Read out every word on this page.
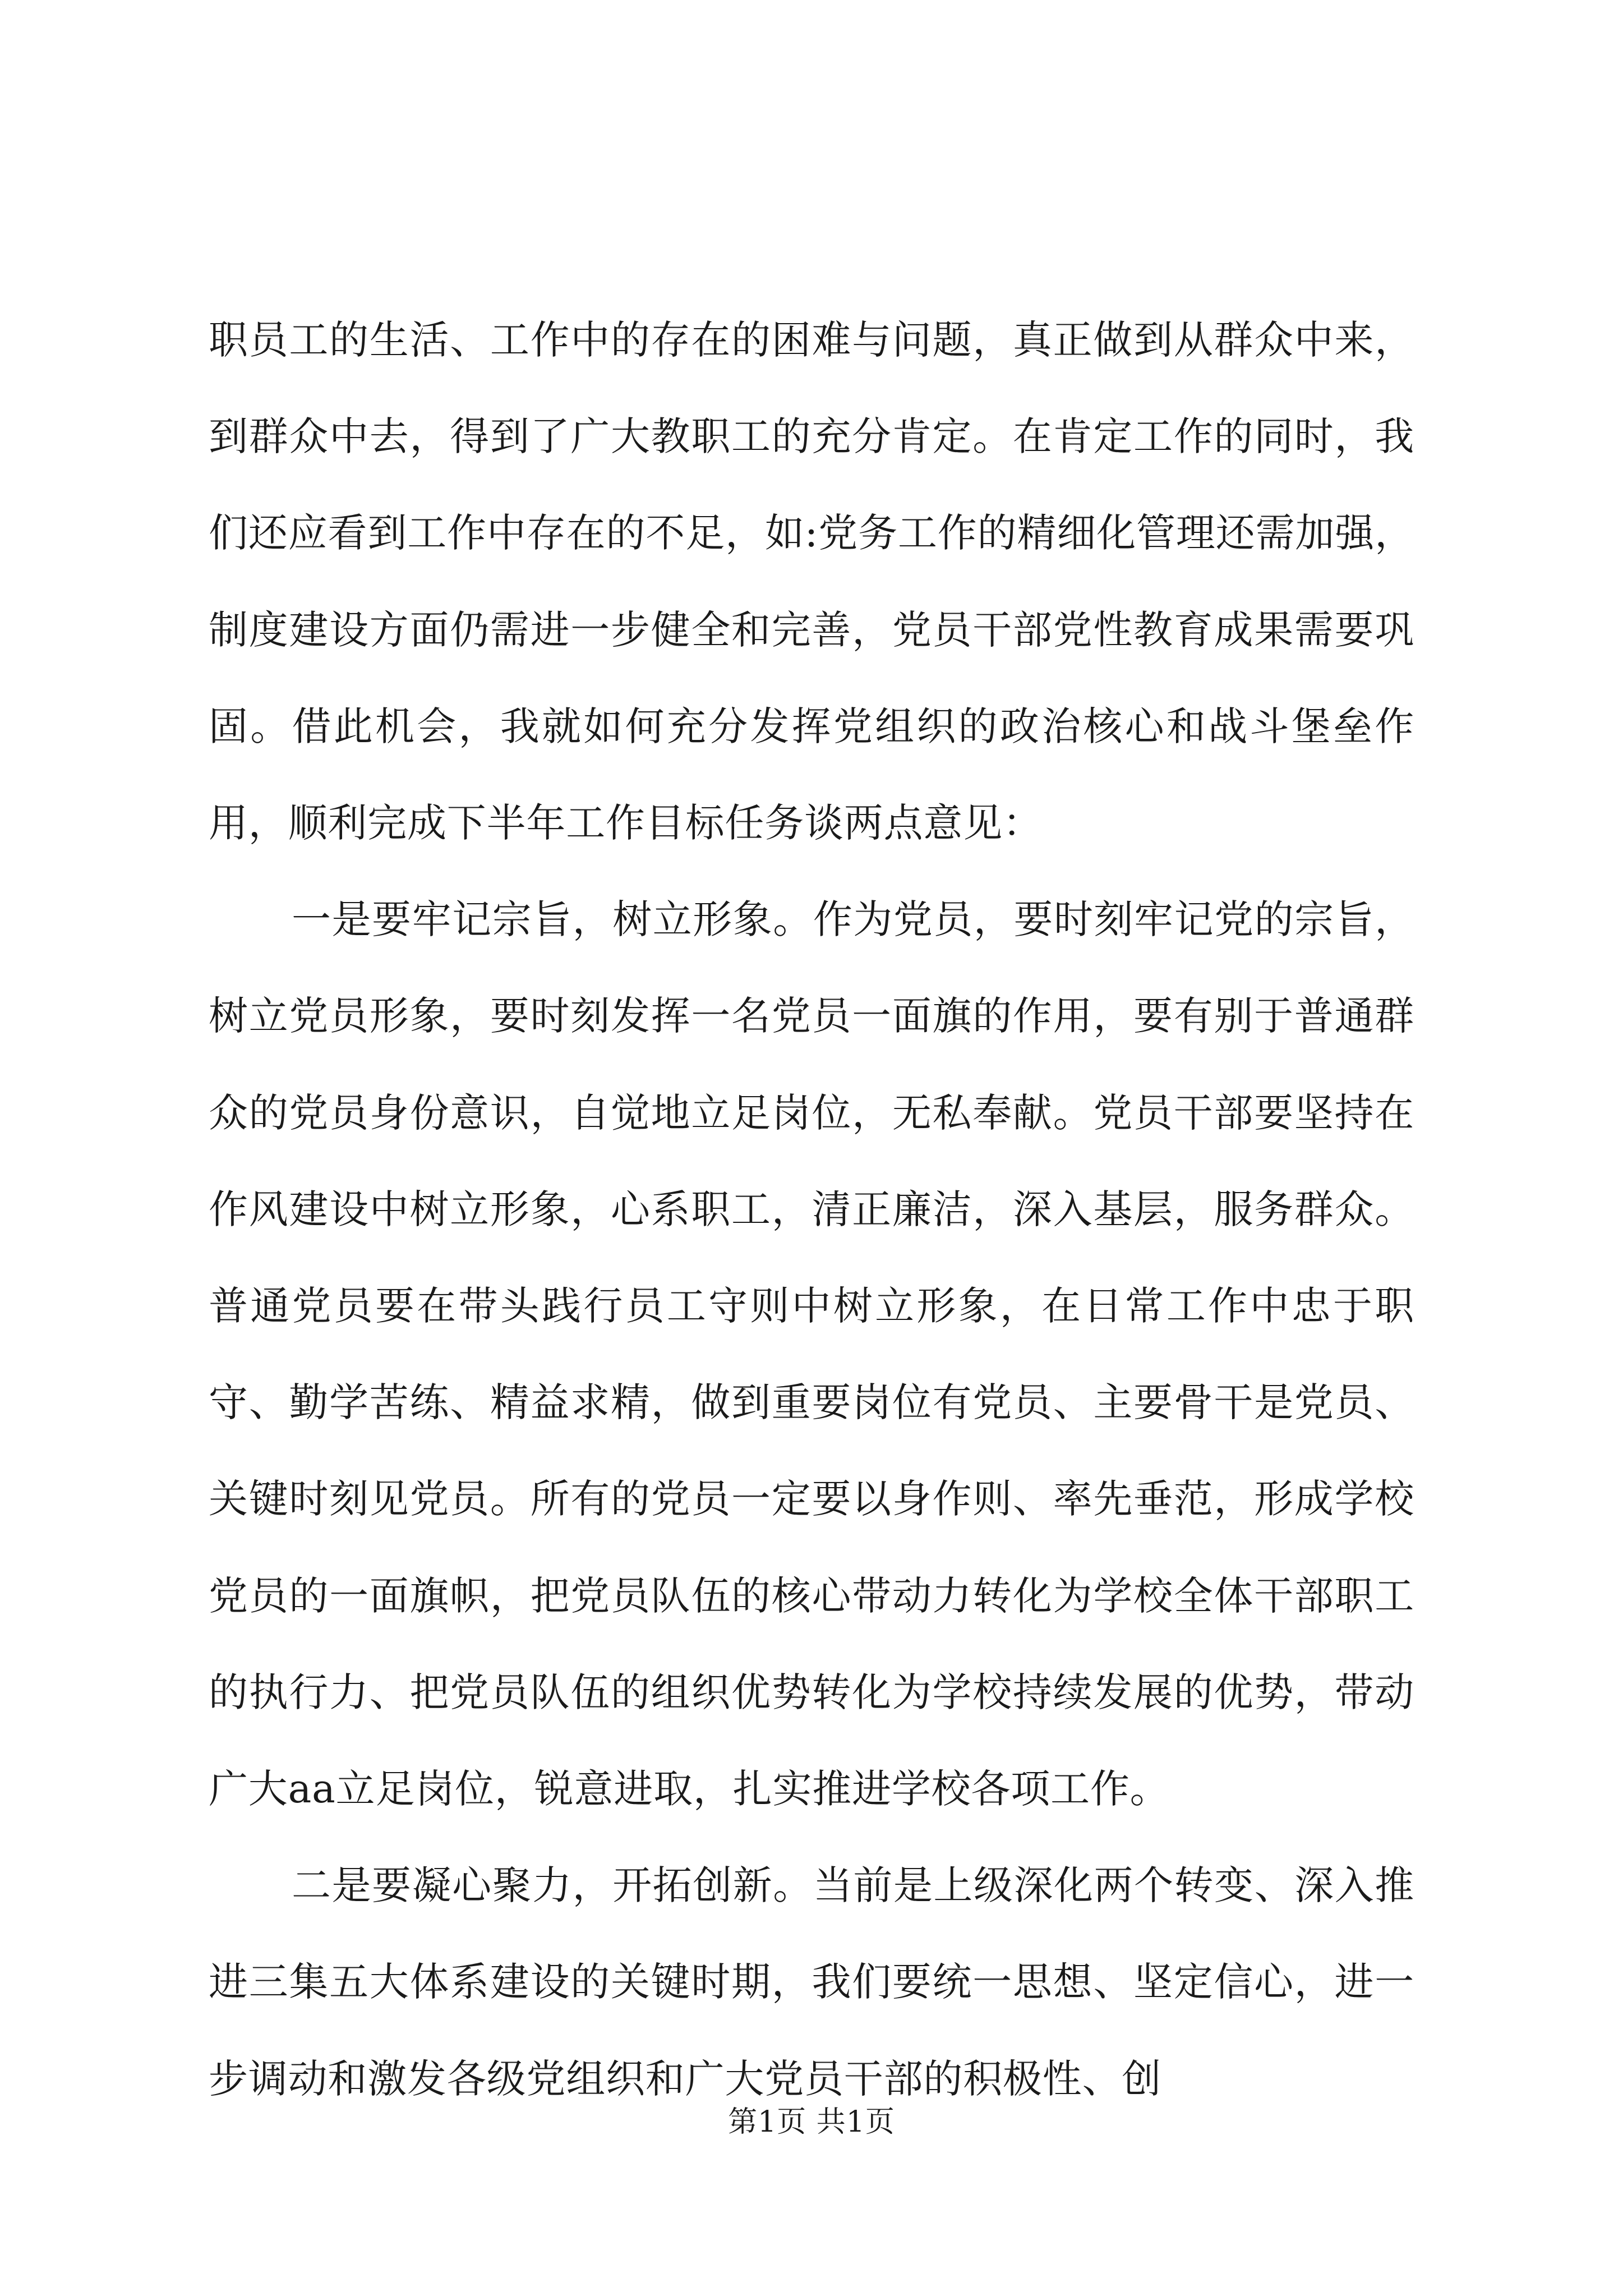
职员工的生活、工作中的存在的困难与问题，真正做到从群众中来，到群众中去，得到了广大教职工的充分肯定。在肯定工作的同时，我们还应看到工作中存在的不足，如:党务工作的精细化管理还需加强，制度建设方面仍需进一步健全和完善，党员干部党性教育成果需要巩固。借此机会，我就如何充分发挥党组织的政治核心和战斗堡垒作用，顺利完成下半年工作目标任务谈两点意见：

一是要牢记宗旨，树立形象。作为党员，要时刻牢记党的宗旨，树立党员形象，要时刻发挥一名党员一面旗的作用，要有别于普通群众的党员身份意识，自觉地立足岗位，无私奉献。党员干部要坚持在作风建设中树立形象，心系职工，清正廉洁，深入基层，服务群众。普通党员要在带头践行员工守则中树立形象，在日常工作中忠于职守、勤学苦练、精益求精，做到重要岗位有党员、主要骨干是党员、关键时刻见党员。所有的党员一定要以身作则、率先垂范，形成学校党员的一面旗帜，把党员队伍的核心带动力转化为学校全体干部职工的执行力、把党员队伍的组织优势转化为学校持续发展的优势，带动广大aa立足岗位，锐意进取，扎实推进学校各项工作。

二是要凝心聚力，开拓创新。当前是上级深化两个转变、深入推进三集五大体系建设的关键时期，我们要统一思想、坚定信心，进一步调动和激发各级党组织和广大党员干部的积极性、创

第1页 共1页
